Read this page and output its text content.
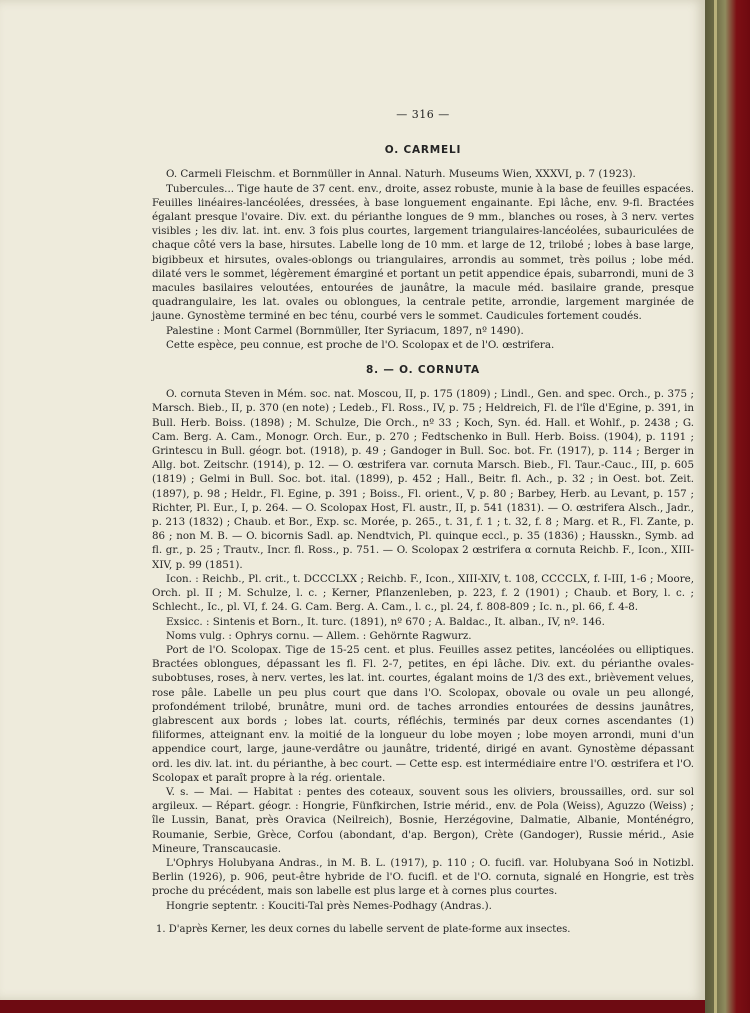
— 316 —
O. CARMELI

O. Carmeli Fleischm. et Bornmüller in Annal. Naturh. Museums Wien, XXXVI, p. 7 (1923).

Tubercules... Tige haute de 37 cent. env., droite, assez robuste, munie à la base de feuilles espacées. Feuilles linéaires-lancéolées, dressées, à base longuement engainante. Epi lâche, env. 9-fl. Bractées égalant presque l'ovaire. Div. ext. du périanthe longues de 9 mm., blanches ou roses, à 3 nerv. vertes visibles ; les div. lat. int. env. 3 fois plus courtes, largement triangulaires-lancéolées, subauriculées de chaque côté vers la base, hirsutes. Labelle long de 10 mm. et large de 12, trilobé ; lobes à base large, bigibbeux et hirsutes, ovales-oblongs ou triangulaires, arrondis au sommet, très poilus ; lobe méd. dilaté vers le sommet, légèrement émarginé et portant un petit appendice épais, subarrondi, muni de 3 macules basilaires veloutées, entourées de jaunâtre, la macule méd. basilaire grande, presque quadrangulaire, les lat. ovales ou oblongues, la centrale petite, arrondie, largement marginée de jaune. Gynostème terminé en bec ténu, courbé vers le sommet. Caudicules fortement coudés.

Palestine : Mont Carmel (Bornmüller, Iter Syriacum, 1897, nº 1490).

Cette espèce, peu connue, est proche de l'O. Scolopax et de l'O. œstrifera.

8. — O. CORNUTA

O. cornuta Steven in Mém. soc. nat. Moscou, II, p. 175 (1809) ; Lindl., Gen. and spec. Orch., p. 375 ; Marsch. Bieb., II, p. 370 (en note) ; Ledeb., Fl. Ross., IV, p. 75 ; Heldreich, Fl. de l'île d'Egine, p. 391, in Bull. Herb. Boiss. (1898) ; M. Schulze, Die Orch., nº 33 ; Koch, Syn. éd. Hall. et Wohlf., p. 2438 ; G. Cam. Berg. A. Cam., Monogr. Orch. Eur., p. 270 ; Fedtschenko in Bull. Herb. Boiss. (1904), p. 1191 ; Grintescu in Bull. géogr. bot. (1918), p. 49 ; Gandoger in Bull. Soc. bot. Fr. (1917), p. 114 ; Berger in Allg. bot. Zeitschr. (1914), p. 12. — O. œstrifera var. cornuta Marsch. Bieb., Fl. Taur.-Cauc., III, p. 605 (1819) ; Gelmi in Bull. Soc. bot. ital. (1899), p. 452 ; Hall., Beitr. fl. Ach., p. 32 ; in Oest. bot. Zeit. (1897), p. 98 ; Heldr., Fl. Egine, p. 391 ; Boiss., Fl. orient., V, p. 80 ; Barbey, Herb. au Levant, p. 157 ; Richter, Pl. Eur., I, p. 264. — O. Scolopax Host, Fl. austr., II, p. 541 (1831). — O. œstrifera Alsch., Jadr., p. 213 (1832) ; Chaub. et Bor., Exp. sc. Morée, p. 265., t. 31, f. 1 ; t. 32, f. 8 ; Marg. et R., Fl. Zante, p. 86 ; non M. B. — O. bicornis Sadl. ap. Nendtvich, Pl. quinque eccl., p. 35 (1836) ; Hausskn., Symb. ad fl. gr., p. 25 ; Trautv., Incr. fl. Ross., p. 751. — O. Scolopax 2 œstrifera α cornuta Reichb. F., Icon., XIII-XIV, p. 99 (1851).

Icon. : Reichb., Pl. crit., t. DCCCLXX ; Reichb. F., Icon., XIII-XIV, t. 108, CCCCLX, f. I-III, 1-6 ; Moore, Orch. pl. II ; M. Schulze, l. c. ; Kerner, Pflanzenleben, p. 223, f. 2 (1901) ; Chaub. et Bory, l. c. ; Schlecht., Ic., pl. VI, f. 24. G. Cam. Berg. A. Cam., l. c., pl. 24, f. 808-809 ; Ic. n., pl. 66, f. 4-8.

Exsicc. : Sintenis et Born., It. turc. (1891), nº 670 ; A. Baldac., It. alban., IV, nº. 146.

Noms vulg. : Ophrys cornu. — Allem. : Gehörnte Ragwurz.

Port de l'O. Scolopax. Tige de 15-25 cent. et plus. Feuilles assez petites, lancéolées ou elliptiques. Bractées oblongues, dépassant les fl. Fl. 2-7, petites, en épi lâche. Div. ext. du périanthe ovales-subobtuses, roses, à nerv. vertes, les lat. int. courtes, égalant moins de 1/3 des ext., brièvement velues, rose pâle. Labelle un peu plus court que dans l'O. Scolopax, obovale ou ovale un peu allongé, profondément trilobé, brunâtre, muni ord. de taches arrondies entourées de dessins jaunâtres, glabrescent aux bords ; lobes lat. courts, réfléchis, terminés par deux cornes ascendantes (1) filiformes, atteignant env. la moitié de la longueur du lobe moyen ; lobe moyen arrondi, muni d'un appendice court, large, jaune-verdâtre ou jaunâtre, tridenté, dirigé en avant. Gynostème dépassant ord. les div. lat. int. du périanthe, à bec court. — Cette esp. est intermédiaire entre l'O. œstrifera et l'O. Scolopax et paraît propre à la rég. orientale.

V. s. — Mai. — Habitat : pentes des coteaux, souvent sous les oliviers, broussailles, ord. sur sol argileux. — Répart. géogr. : Hongrie, Fünfkirchen, Istrie mérid., env. de Pola (Weiss), Aguzzo (Weiss) ; île Lussin, Banat, près Oravica (Neilreich), Bosnie, Herzégovine, Dalmatie, Albanie, Monténégro, Roumanie, Serbie, Grèce, Corfou (abondant, d'ap. Bergon), Crète (Gandoger), Russie mérid., Asie Mineure, Transcaucasie.

L'Ophrys Holubyana Andras., in M. B. L. (1917), p. 110 ; O. fucifl. var. Holubyana Soó in Notizbl. Berlin (1926), p. 906, peut-être hybride de l'O. fucifl. et de l'O. cornuta, signalé en Hongrie, est très proche du précédent, mais son labelle est plus large et à cornes plus courtes.

Hongrie septentr. : Kouciti-Tal près Nemes-Podhagy (Andras.).

1. D'après Kerner, les deux cornes du labelle servent de plate-forme aux insectes.
